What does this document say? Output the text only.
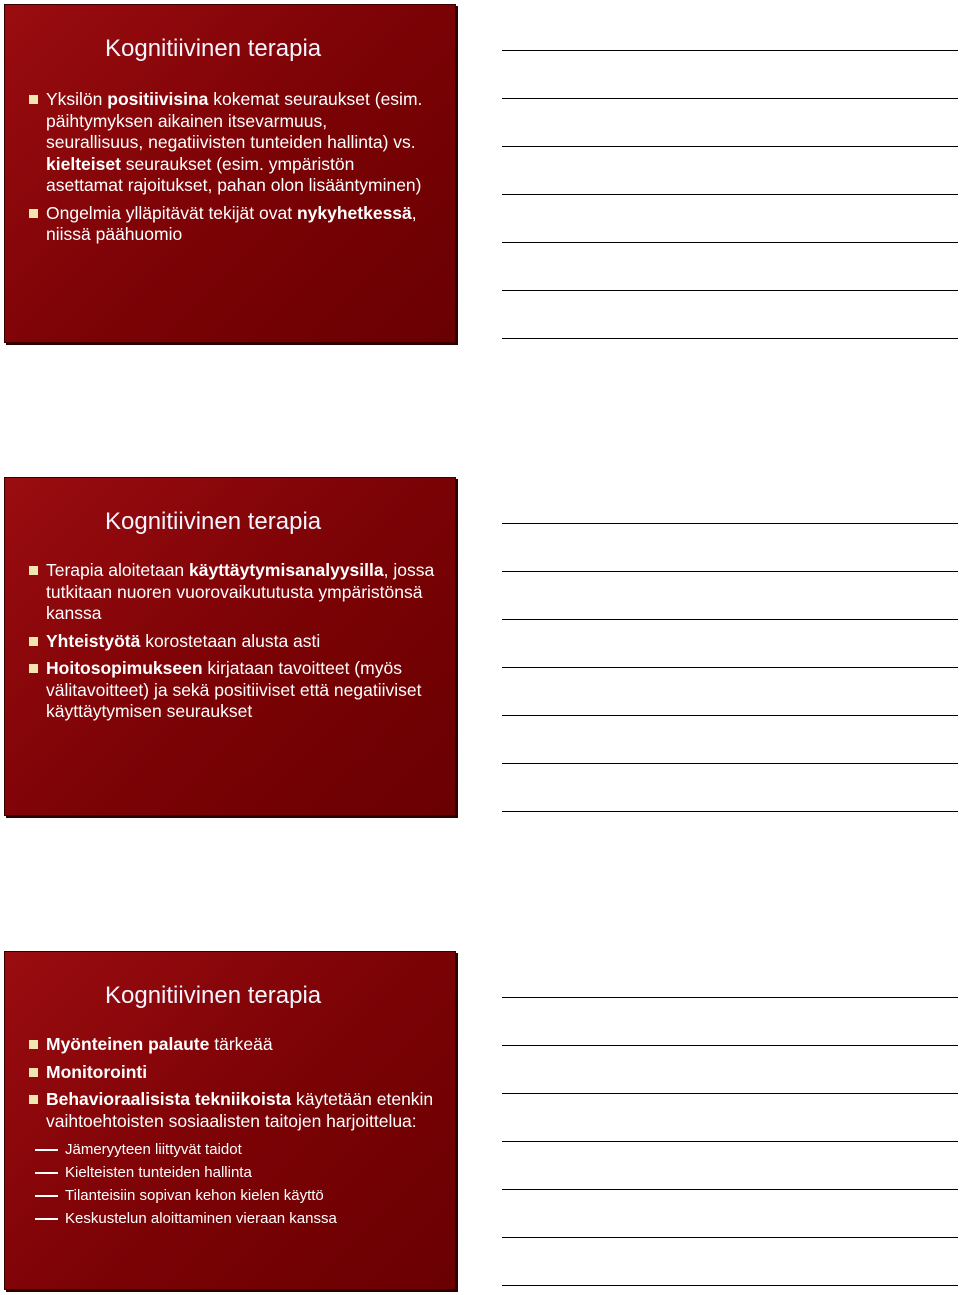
Kognitiivinen terapia
Yksilön positiivisina kokemat seuraukset (esim. päihtymyksen aikainen itsevarmuus, seurallisuus, negatiivisten tunteiden hallinta) vs. kielteiset seuraukset (esim. ympäristön asettamat rajoitukset, pahan olon lisääntyminen)
Ongelmia ylläpitävät tekijät ovat nykyhetkessä, niissä päähuomio
Kognitiivinen terapia
Terapia aloitetaan käyttäytymisanalyysilla, jossa tutkitaan nuoren vuorovaikututusta ympäristönsä kanssa
Yhteistyötä korostetaan alusta asti
Hoitosopimukseen kirjataan tavoitteet (myös välitavoitteet) ja sekä positiiviset että negatiiviset käyttäytymisen seuraukset
Kognitiivinen terapia
Myönteinen palaute tärkeää
Monitorointi
Behavioraalisista tekniikoista käytetään etenkin vaihtoehtoisten sosiaalisten taitojen harjoittelua:
Jämeryyteen liittyvät taidot
Kielteisten tunteiden hallinta
Tilanteisiin sopivan kehon kielen käyttö
Keskustelun aloittaminen vieraan kanssa
